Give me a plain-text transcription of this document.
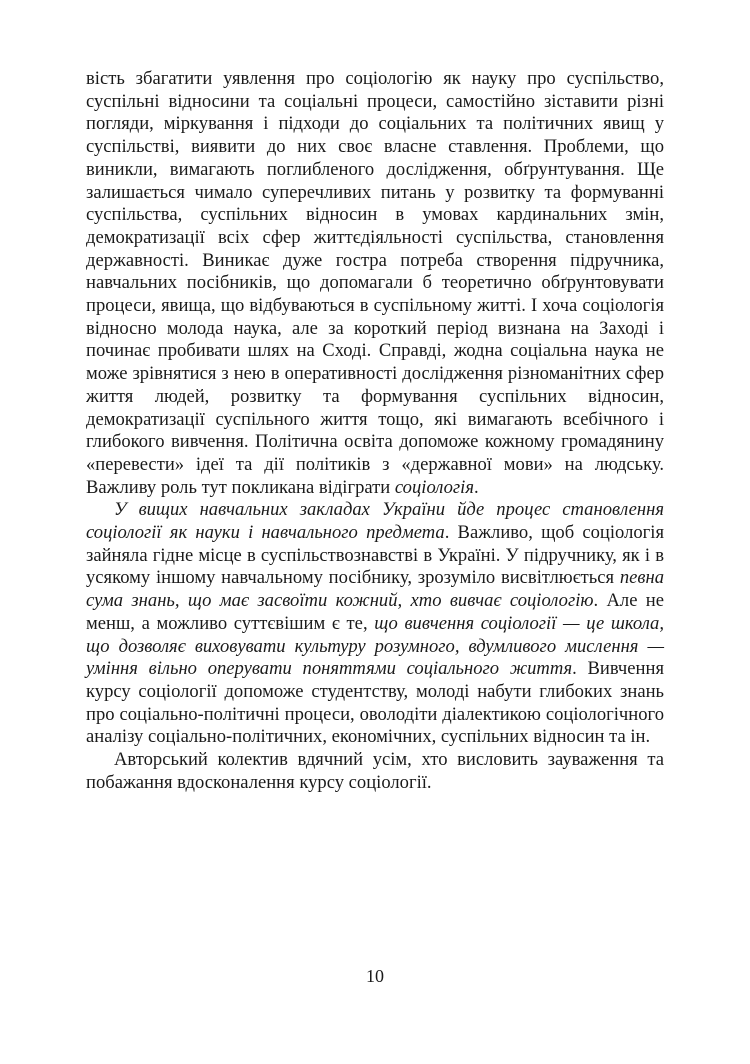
вість збагатити уявлення про соціологію як науку про суспільство, суспільні відносини та соціальні процеси, самостійно зіставити різні погляди, міркування і підходи до соціальних та політичних явищ у суспільстві, виявити до них своє власне ставлення. Проблеми, що виникли, вимагають поглибленого дослідження, обґрунтування. Ще залишається чимало суперечливих питань у розвитку та формуванні суспільства, суспільних відносин в умовах кардинальних змін, демократизації всіх сфер життєдіяльності суспільства, становлення державності. Виникає дуже гостра потреба створення підручника, навчальних посібників, що допомагали б теоретично обґрунтовувати процеси, явища, що відбуваються в суспільному житті. І хоча соціологія відносно молода наука, але за короткий період визнана на Заході і починає пробивати шлях на Сході. Справді, жодна соціальна наука не може зрівнятися з нею в оперативності дослідження різноманітних сфер життя людей, розвитку та формування суспільних відносин, демократизації суспільного життя тощо, які вимагають всебічного і глибокого вивчення. Політична освіта допоможе кожному громадянину «перевести» ідеї та дії політиків з «державної мови» на людську. Важливу роль тут покликана відіграти соціологія.

У вищих навчальних закладах України йде процес становлення соціології як науки і навчального предмета. Важливо, щоб соціологія зайняла гідне місце в суспільствознавстві в Україні. У підручнику, як і в усякому іншому навчальному посібнику, зрозуміло висвітлюється певна сума знань, що має засвоїти кожний, хто вивчає соціологію. Але не менш, а можливо суттєвішим є те, що вивчення соціології — це школа, що дозволяє виховувати культуру розумного, вдумливого мислення — уміння вільно оперувати поняттями соціального життя. Вивчення курсу соціології допоможе студентству, молоді набути глибоких знань про соціально-політичні процеси, оволодіти діалектикою соціологічного аналізу соціально-політичних, економічних, суспільних відносин та ін.

Авторський колектив вдячний усім, хто висловить зауваження та побажання вдосконалення курсу соціології.

10
